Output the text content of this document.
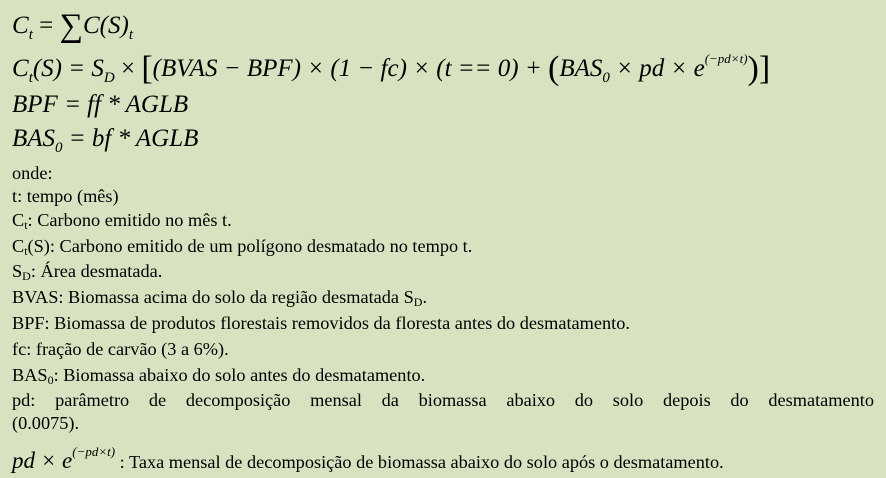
$C_t = \sum C(S)_t$
$C_t(S) = S_D$ × [(BVAS − $BPF) \times (1 - fc) \times (t == 0) + (BAS_0$ × pd × $e^{(-pd\times t)}$)]
BPF = ff * AGLB
$BAS_0$ = bf * AGLB
onde:
t: tempo (mês)
$C_t$: Carbono emitido no mês t.
$C_t(S)$: Carbono emitido de um polígono desmatado no tempo t.
$S_D$: Área desmatada.
BVAS: Biomassa acima do solo da região desmatada $S_D$.
BPF: Biomassa de produtos florestais removidos da floresta antes do desmatamento.
fc: fração de carvão (3 a 6%).
$BAS_0$: Biomassa abaixo do solo antes do desmatamento.
pd: parâmetro de decomposição mensal da biomassa abaixo do solo depois do desmatamento
(0.0075).
pd × $e^{(-pd\times t)}$ : Taxa mensal de decomposição de biomassa abaixo do solo após o desmatamento.
